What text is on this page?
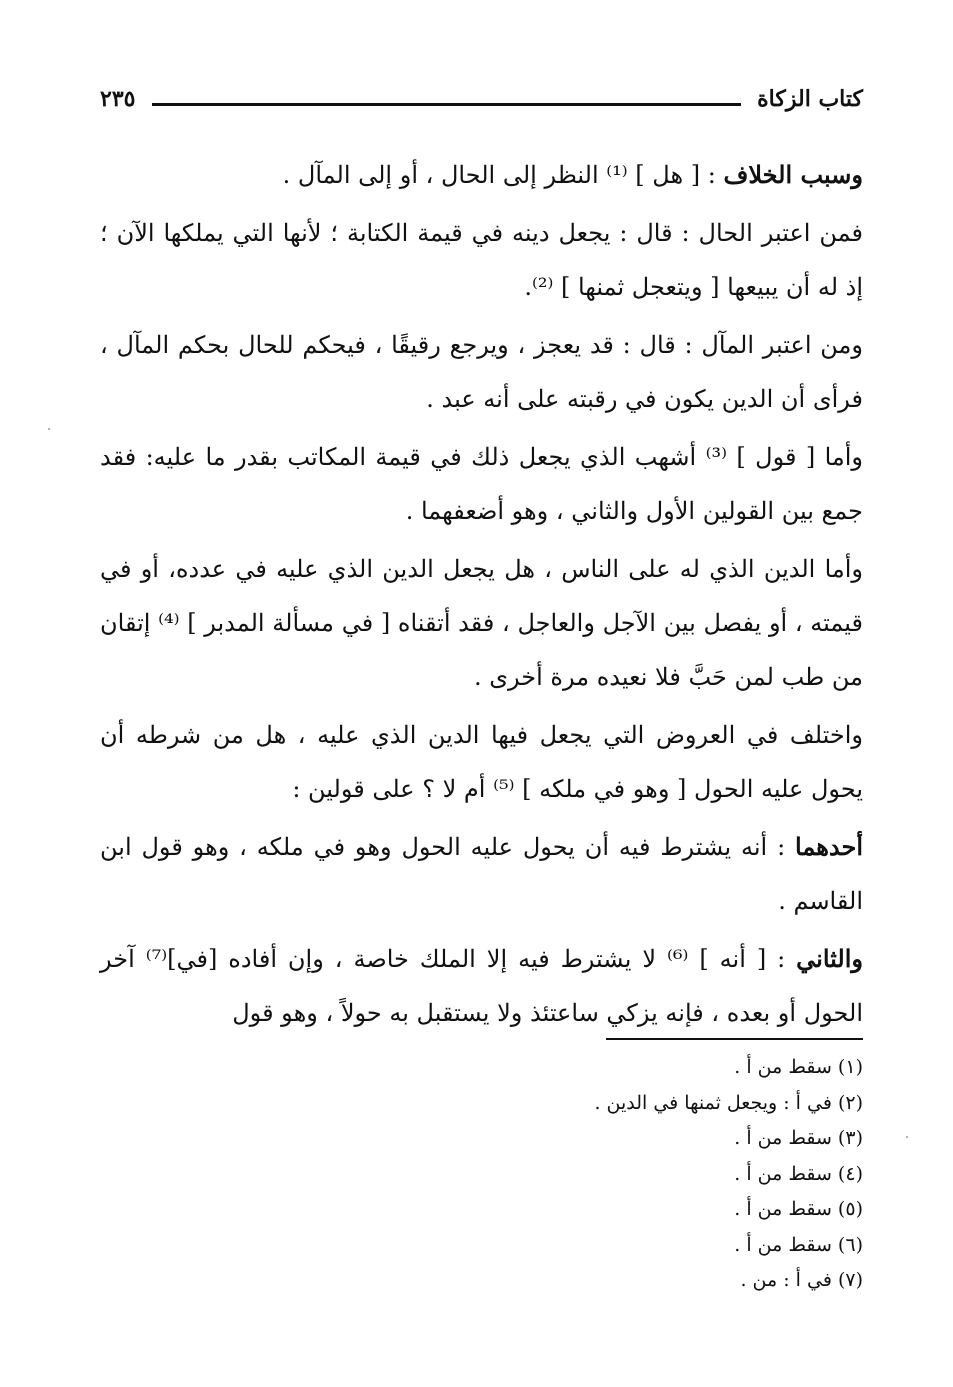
كتاب الزكاة
٢٣٥

وسبب الخلاف : [ هل ] ⁽¹⁾ النظر إلى الحال ، أو إلى المآل .

فمن اعتبر الحال : قال : يجعل دينه في قيمة الكتابة ؛ لأنها التي يملكها الآن ؛ إذ له أن يبيعها [ ويتعجل ثمنها ] ⁽²⁾.

ومن اعتبر المآل : قال : قد يعجز ، ويرجع رقيقًا ، فيحكم للحال بحكم المآل ، فرأى أن الدين يكون في رقبته على أنه عبد .

وأما [ قول ] ⁽³⁾ أشهب الذي يجعل ذلك في قيمة المكاتب بقدر ما عليه: فقد جمع بين القولين الأول والثاني ، وهو أضعفهما .

وأما الدين الذي له على الناس ، هل يجعل الدين الذي عليه في عدده، أو في قيمته ، أو يفصل بين الآجل والعاجل ، فقد أتقناه [ في مسألة المدبر ] ⁽⁴⁾ إتقان من طب لمن حَبَّ فلا نعيده مرة أخرى .

واختلف في العروض التي يجعل فيها الدين الذي عليه ، هل من شرطه أن يحول عليه الحول [ وهو في ملكه ] ⁽⁵⁾ أم لا ؟ على قولين :

أحدهما : أنه يشترط فيه أن يحول عليه الحول وهو في ملكه ، وهو قول ابن القاسم .

والثاني : [ أنه ] ⁽⁶⁾ لا يشترط فيه إلا الملك خاصة ، وإن أفاده [في]⁽⁷⁾ آخر الحول أو بعده ، فإنه يزكي ساعتئذ ولا يستقبل به حولاً ، وهو قول

(١) سقط من أ .
(٢) في أ : ويجعل ثمنها في الدين .
(٣) سقط من أ .
(٤) سقط من أ .
(٥) سقط من أ .
(٦) سقط من أ .
(٧) في أ : من .
